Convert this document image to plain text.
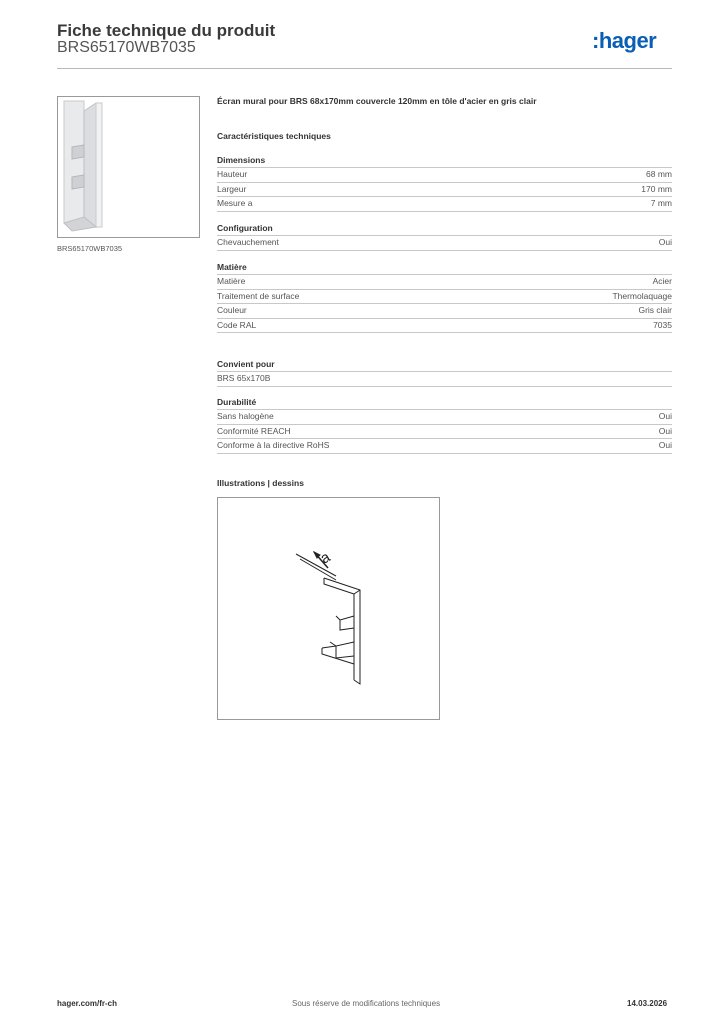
Fiche technique du produit
BRS65170WB7035	:hager
BRS65170WB7035
Écran mural pour BRS 68x170mm couvercle 120mm en tôle d'acier en gris clair
Caractéristiques techniques
Dimensions
Hauteur	68 mm
Largeur	170 mm
Mesure a	7 mm
Configuration
Chevauchement	Oui
Matière
Matière	Acier
Traitement de surface	Thermolaquage
Couleur	Gris clair
Code RAL	7035
Convient pour
BRS 65x170B
Durabilité
Sans halogène	Oui
Conformité REACH	Oui
Conforme à la directive RoHS	Oui
Illustrations | dessins
a
hager.com/fr-ch	Sous réserve de modifications techniques	14.03.2026
